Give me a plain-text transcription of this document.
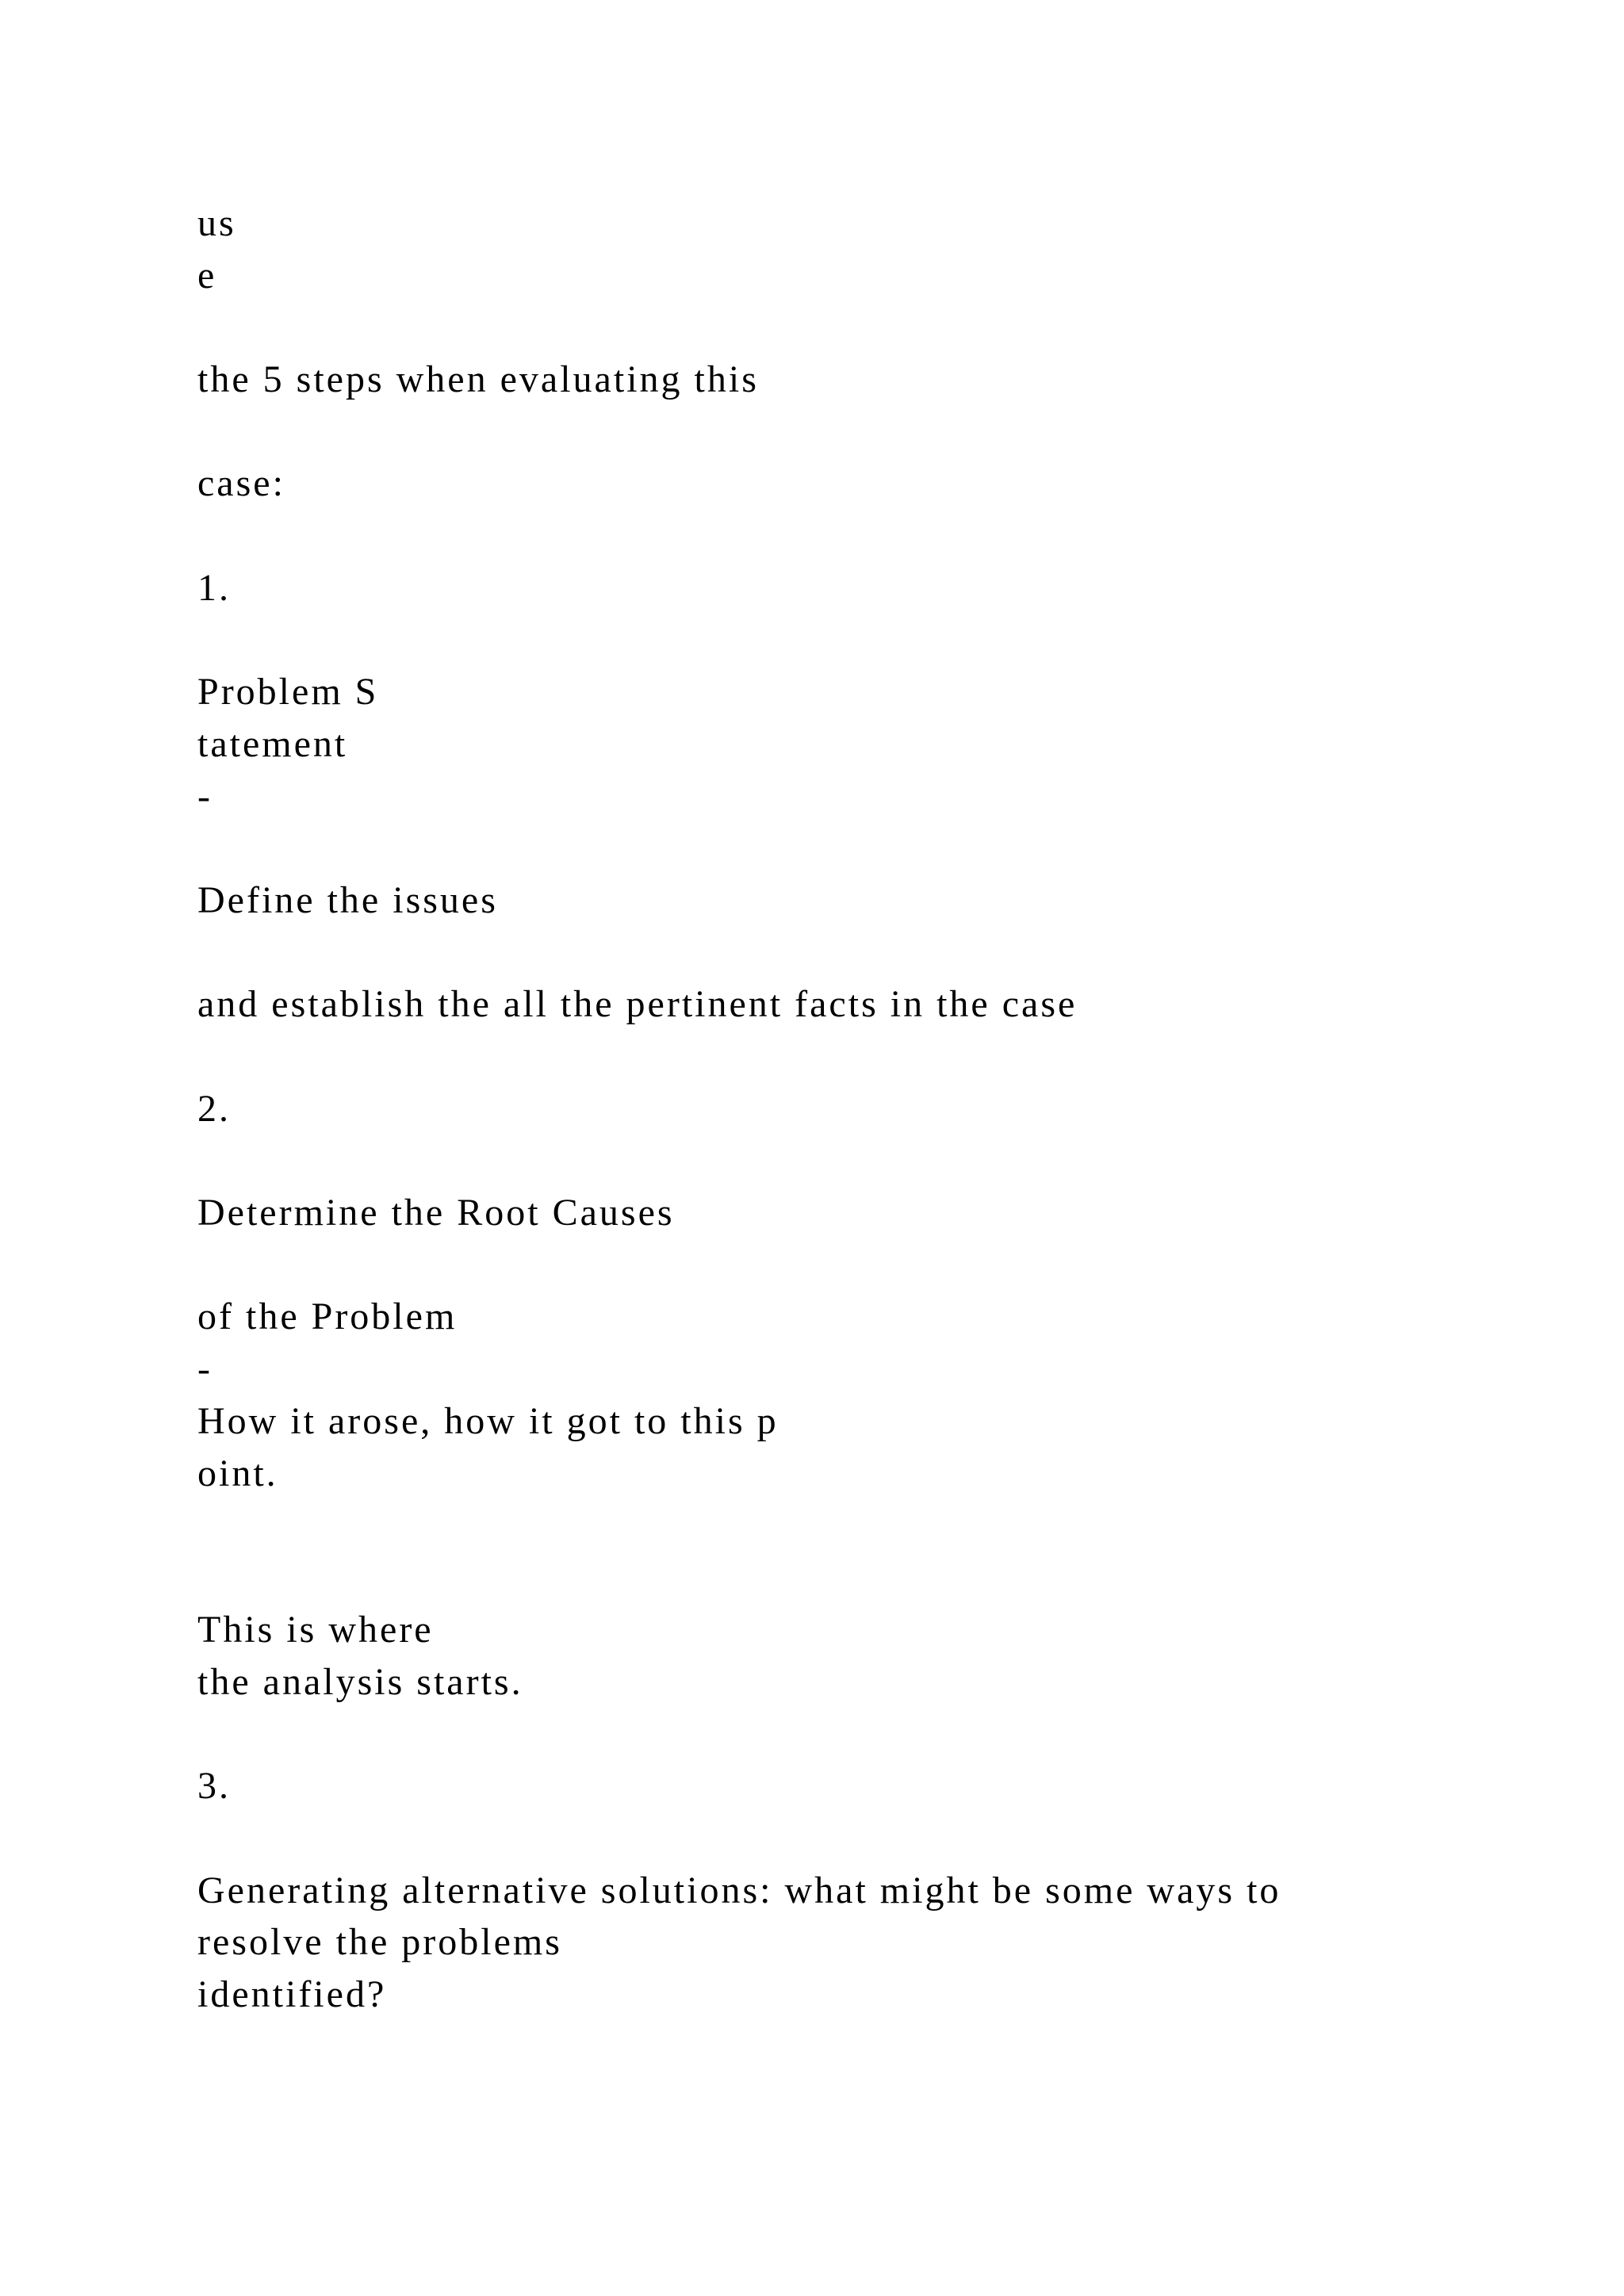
us

e

the 5 steps when evaluating this

case:

1.

Problem S

tatement

-

Define the issues

and establish the all the pertinent facts in the case

2.

Determine the Root Causes

of the Problem

-

How it arose, how it got to this p

oint.

This is where

the analysis starts.

3.

Generating alternative solutions: what might be some ways to

resolve the problems

identified?
